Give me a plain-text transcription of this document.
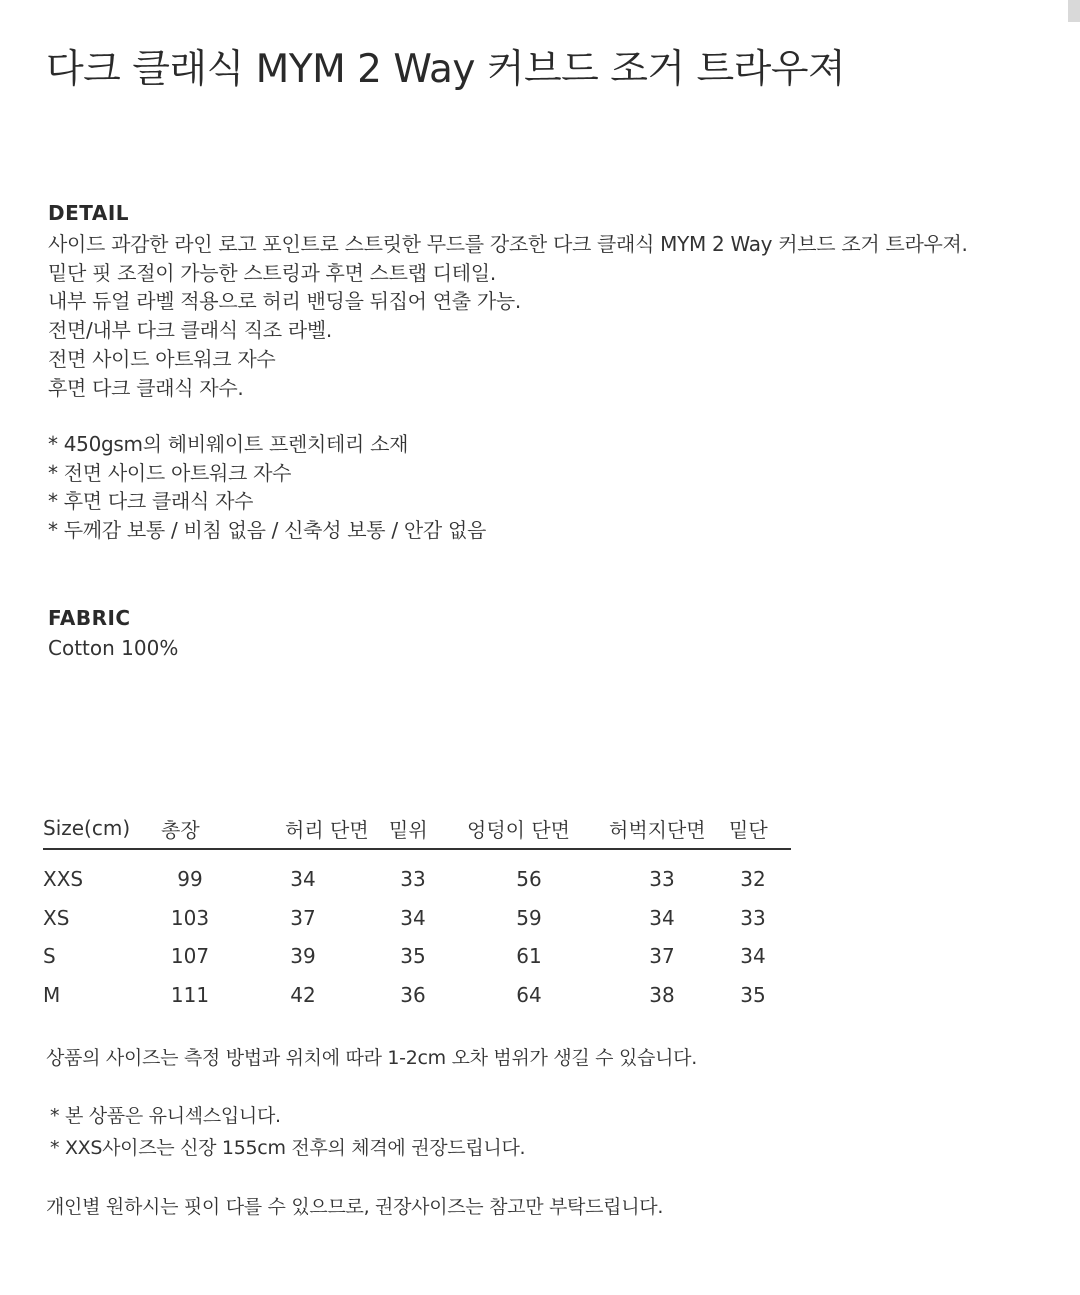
다크 클래식 MYM 2 Way 커브드 조거 트라우져
DETAIL
사이드 과감한 라인 로고 포인트로 스트릿한 무드를 강조한 다크 클래식 MYM 2 Way 커브드 조거 트라우져.
밑단 핏 조절이 가능한 스트링과 후면 스트랩 디테일.
내부 듀얼 라벨 적용으로 허리 밴딩을 뒤집어 연출 가능.
전면/내부 다크 클래식 직조 라벨.
전면 사이드 아트워크 자수
후면 다크 클래식 자수.
* 450gsm의 헤비웨이트 프렌치테리 소재
* 전면 사이드 아트워크 자수
* 후면 다크 클래식 자수
* 두께감 보통 / 비침 없음 / 신축성 보통 / 안감 없음
FABRIC
Cotton 100%
Size(cm)	총장	허리 단면	밑위	엉덩이 단면	허벅지단면	밑단
XXS	99	34	33	56	33	32
XS	103	37	34	59	34	33
S	107	39	35	61	37	34
M	111	42	36	64	38	35
상품의 사이즈는 측정 방법과 위치에 따라 1-2cm 오차 범위가 생길 수 있습니다.
* 본 상품은 유니섹스입니다.
* XXS사이즈는 신장 155cm 전후의 체격에 권장드립니다.
개인별 원하시는 핏이 다를 수 있으므로, 권장사이즈는 참고만 부탁드립니다.
